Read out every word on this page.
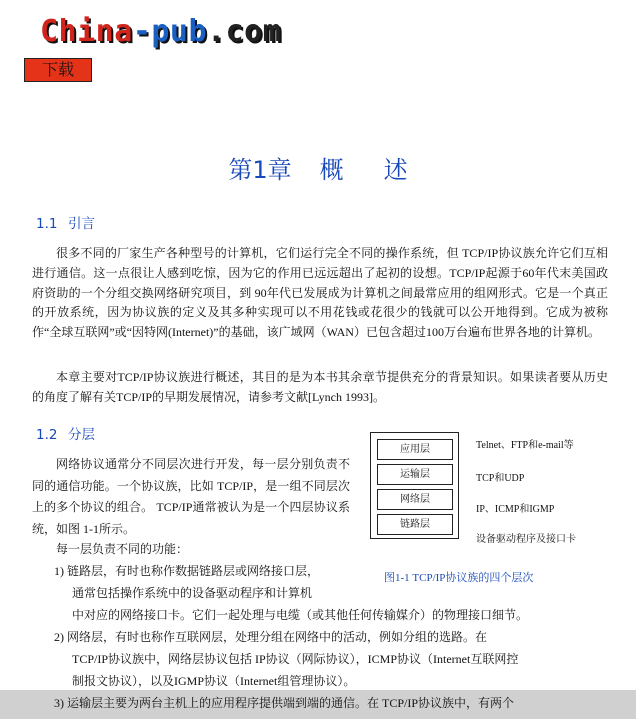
China-pub.com
下载
第1章 概 述
1.1 引言

很多不同的厂家生产各种型号的计算机，它们运行完全不同的操作系统，但 TCP/IP协议族允许它们互相进行通信。这一点很让人感到吃惊，因为它的作用已远远超出了起初的设想。TCP/IP起源于60年代末美国政府资助的一个分组交换网络研究项目，到 90年代已发展成为计算机之间最常应用的组网形式。它是一个真正的开放系统，因为协议族的定义及其多种实现可以不用花钱或花很少的钱就可以公开地得到。它成为被称作“全球互联网”或“因特网(Internet)”的基础，该广域网（WAN）已包含超过100万台遍布世界各地的计算机。

本章主要对TCP/IP协议族进行概述，其目的是为本书其余章节提供充分的背景知识。如果读者要从历史的角度了解有关TCP/IP的早期发展情况，请参考文献[Lynch 1993]。

1.2 分层

网络协议通常分不同层次进行开发，每一层分别负责不同的通信功能。一个协议族，比如 TCP/IP，是一组不同层次上的多个协议的组合。 TCP/IP通常被认为是一个四层协议系统，如图 1-1所示。

每一层负责不同的功能：
1) 链路层，有时也称作数据链路层或网络接口层，
通常包括操作系统中的设备驱动程序和计算机
中对应的网络接口卡。它们一起处理与电缆（或其他任何传输媒介）的物理接口细节。
2) 网络层，有时也称作互联网层，处理分组在网络中的活动，例如分组的选路。在
TCP/IP协议族中，网络层协议包括 IP协议（网际协议），ICMP协议（Internet互联网控
制报文协议），以及IGMP协议（Internet组管理协议）。
应用层
运输层
网络层
链路层
Telnet、FTP和e-mail等
TCP和UDP
IP、ICMP和IGMP
设备驱动程序及接口卡
图1-1 TCP/IP协议族的四个层次
3) 运输层主要为两台主机上的应用程序提供端到端的通信。在 TCP/IP协议族中，有两个
